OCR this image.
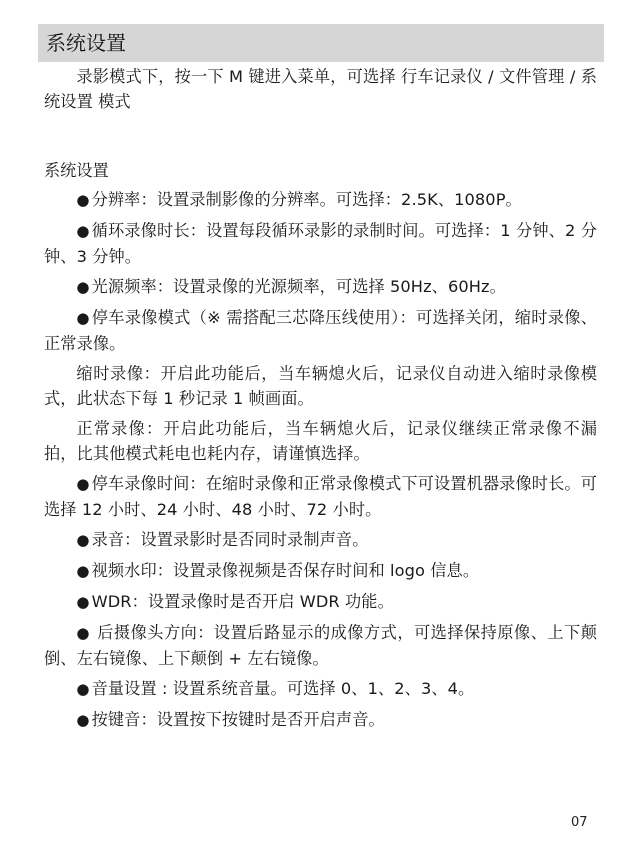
系统设置

录影模式下，按一下 M 键进入菜单，可选择 行车记录仪 / 文件管理 / 系统设置 模式

系统设置

● 分辨率：设置录制影像的分辨率。可选择：2.5K、1080P。

● 循环录像时长：设置每段循环录影的录制时间。可选择：1 分钟、2 分钟、3 分钟。

● 光源频率：设置录像的光源频率，可选择 50Hz、60Hz。

● 停车录像模式（※ 需搭配三芯降压线使用）：可选择关闭，缩时录像、正常录像。

缩时录像：开启此功能后，当车辆熄火后，记录仪自动进入缩时录像模式，此状态下每 1 秒记录 1 帧画面。

正常录像：开启此功能后，当车辆熄火后，记录仪继续正常录像不漏拍，比其他模式耗电也耗内存，请谨慎选择。

● 停车录像时间：在缩时录像和正常录像模式下可设置机器录像时长。可选择 12 小时、24 小时、48 小时、72 小时。

● 录音：设置录影时是否同时录制声音。

● 视频水印：设置录像视频是否保存时间和 logo 信息。

● WDR：设置录像时是否开启 WDR 功能。

● 后摄像头方向：设置后路显示的成像方式，可选择保持原像、上下颠倒、左右镜像、上下颠倒 + 左右镜像。

● 音量设置 : 设置系统音量。可选择 0、1、2、3、4。

● 按键音：设置按下按键时是否开启声音。

07
